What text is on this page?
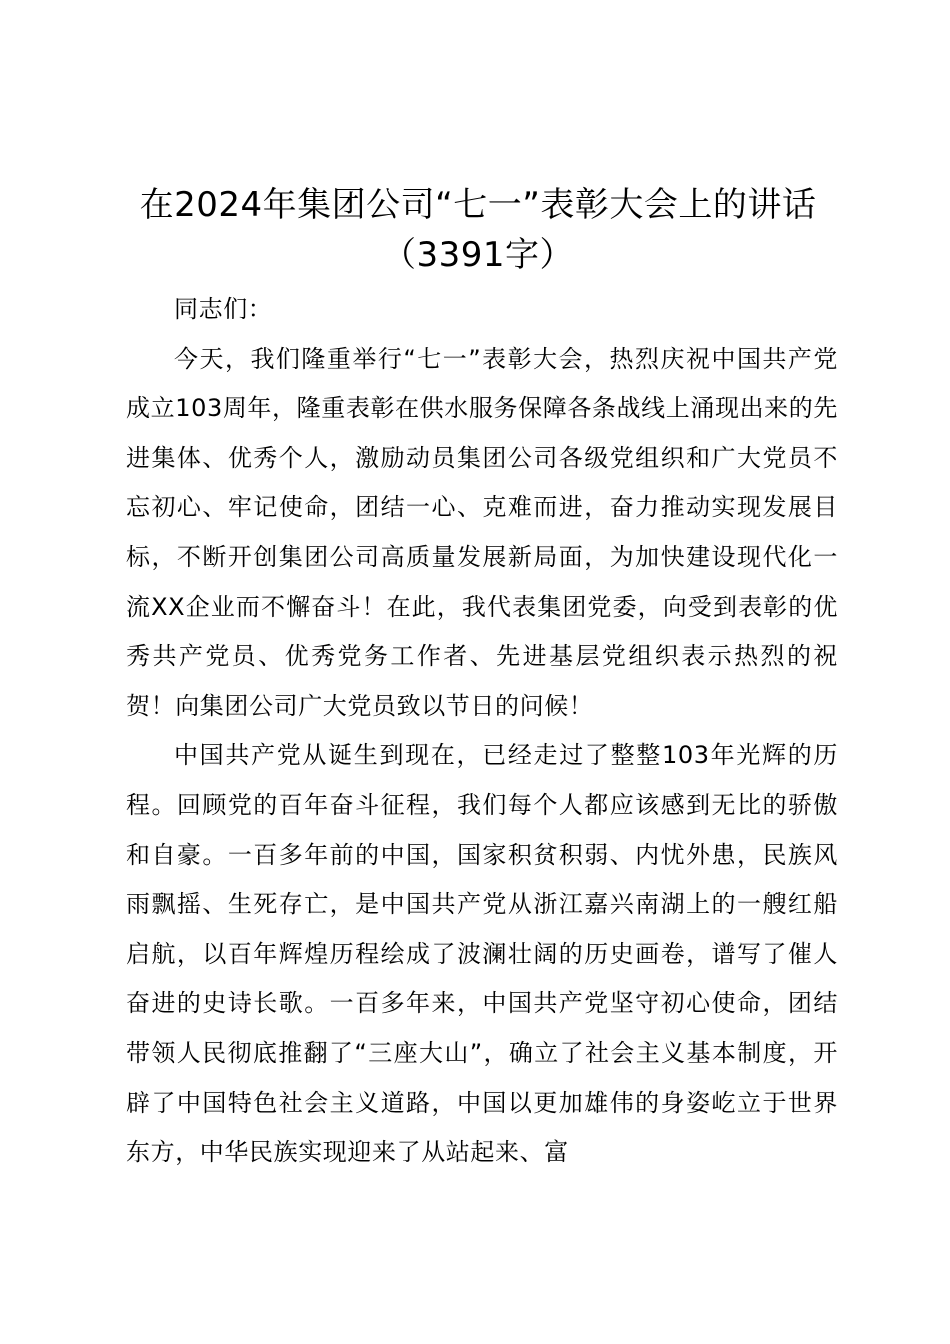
在2024年集团公司“七一”表彰大会上的讲话（3391字）

同志们：

今天，我们隆重举行“七一”表彰大会，热烈庆祝中国共产党成立103周年，隆重表彰在供水服务保障各条战线上涌现出来的先进集体、优秀个人，激励动员集团公司各级党组织和广大党员不忘初心、牢记使命，团结一心、克难而进，奋力推动实现发展目标，不断开创集团公司高质量发展新局面，为加快建设现代化一流XX企业而不懈奋斗！在此，我代表集团党委，向受到表彰的优秀共产党员、优秀党务工作者、先进基层党组织表示热烈的祝贺！向集团公司广大党员致以节日的问候！

中国共产党从诞生到现在，已经走过了整整103年光辉的历程。回顾党的百年奋斗征程，我们每个人都应该感到无比的骄傲和自豪。一百多年前的中国，国家积贫积弱、内忧外患，民族风雨飘摇、生死存亡，是中国共产党从浙江嘉兴南湖上的一艘红船启航，以百年辉煌历程绘成了波澜壮阔的历史画卷，谱写了催人奋进的史诗长歌。一百多年来，中国共产党坚守初心使命，团结带领人民彻底推翻了“三座大山”，确立了社会主义基本制度，开辟了中国特色社会主义道路，中国以更加雄伟的身姿屹立于世界东方，中华民族实现迎来了从站起来、富
